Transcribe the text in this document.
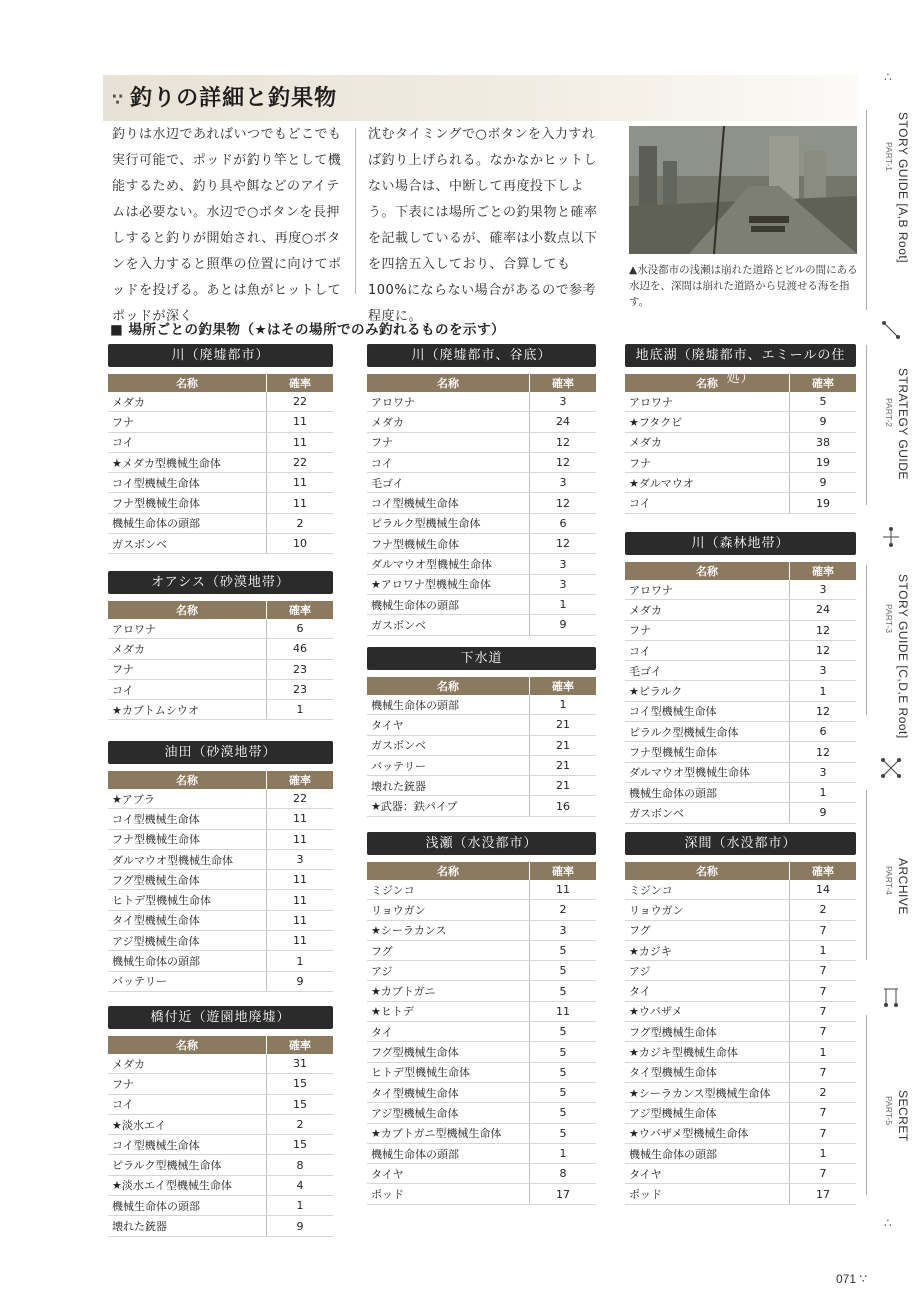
∵ 釣りの詳細と釣果物
釣りは水辺であればいつでもどこでも実行可能で、ポッドが釣り竿として機能するため、釣り具や餌などのアイテムは必要ない。水辺で○ボタンを長押しすると釣りが開始され、再度○ボタンを入力すると照準の位置に向けてポッドを投げる。あとは魚がヒットしてポッドが深く
沈むタイミングで○ボタンを入力すれば釣り上げられる。なかなかヒットしない場合は、中断して再度投下しよう。下表には場所ごとの釣果物と確率を記載しているが、確率は小数点以下を四捨五入しており、合算しても100%にならない場合があるので参考程度に。
▲水没都市の浅瀬は崩れた道路とビルの間にある水辺を、深間は崩れた道路から見渡せる海を指す。
■ 場所ごとの釣果物（★はその場所でのみ釣れるものを示す）
川（廃墟都市）
名称	確率
メダカ	22
フナ	11
コイ	11
★メダカ型機械生命体	22
コイ型機械生命体	11
フナ型機械生命体	11
機械生命体の頭部	2
ガスボンベ	10
オアシス（砂漠地帯）
名称	確率
アロワナ	6
メダカ	46
フナ	23
コイ	23
★カブトムシウオ	1
油田（砂漠地帯）
名称	確率
★アブラ	22
コイ型機械生命体	11
フナ型機械生命体	11
ダルマウオ型機械生命体	3
フグ型機械生命体	11
ヒトデ型機械生命体	11
タイ型機械生命体	11
アジ型機械生命体	11
機械生命体の頭部	1
バッテリー	9
橋付近（遊園地廃墟）
名称	確率
メダカ	31
フナ	15
コイ	15
★淡水エイ	2
コイ型機械生命体	15
ピラルク型機械生命体	8
★淡水エイ型機械生命体	4
機械生命体の頭部	1
壊れた銃器	9
川（廃墟都市、谷底）
名称	確率
アロワナ	3
メダカ	24
フナ	12
コイ	12
毛ゴイ	3
コイ型機械生命体	12
ピラルク型機械生命体	6
フナ型機械生命体	12
ダルマウオ型機械生命体	3
★アロワナ型機械生命体	3
機械生命体の頭部	1
ガスボンベ	9
下水道
名称	確率
機械生命体の頭部	1
タイヤ	21
ガスボンベ	21
バッテリー	21
壊れた銃器	21
★武器：鉄パイプ	16
浅瀬（水没都市）
名称	確率
ミジンコ	11
リョウガン	2
★シーラカンス	3
フグ	5
アジ	5
★カブトガニ	5
★ヒトデ	11
タイ	5
フグ型機械生命体	5
ヒトデ型機械生命体	5
タイ型機械生命体	5
アジ型機械生命体	5
★カブトガニ型機械生命体	5
機械生命体の頭部	1
タイヤ	8
ポッド	17
地底湖（廃墟都市、エミールの住処）
名称	確率
アロワナ	5
★フタクビ	9
メダカ	38
フナ	19
★ダルマウオ	9
コイ	19
川（森林地帯）
名称	確率
アロワナ	3
メダカ	24
フナ	12
コイ	12
毛ゴイ	3
★ピラルク	1
コイ型機械生命体	12
ピラルク型機械生命体	6
フナ型機械生命体	12
ダルマウオ型機械生命体	3
機械生命体の頭部	1
ガスボンベ	9
深間（水没都市）
名称	確率
ミジンコ	14
リョウガン	2
フグ	7
★カジキ	1
アジ	7
タイ	7
★ウバザメ	7
フグ型機械生命体	7
★カジキ型機械生命体	1
タイ型機械生命体	7
★シーラカンス型機械生命体	2
アジ型機械生命体	7
★ウバザメ型機械生命体	7
機械生命体の頭部	1
タイヤ	7
ポッド	17
∴
STORY GUIDE [A,B Root]
PART-1
STRATEGY GUIDE
PART-2
STORY GUIDE [C,D,E Root]
PART-3
ARCHIVE
PART-4
SECRET
PART-5
∴
071 ∵
